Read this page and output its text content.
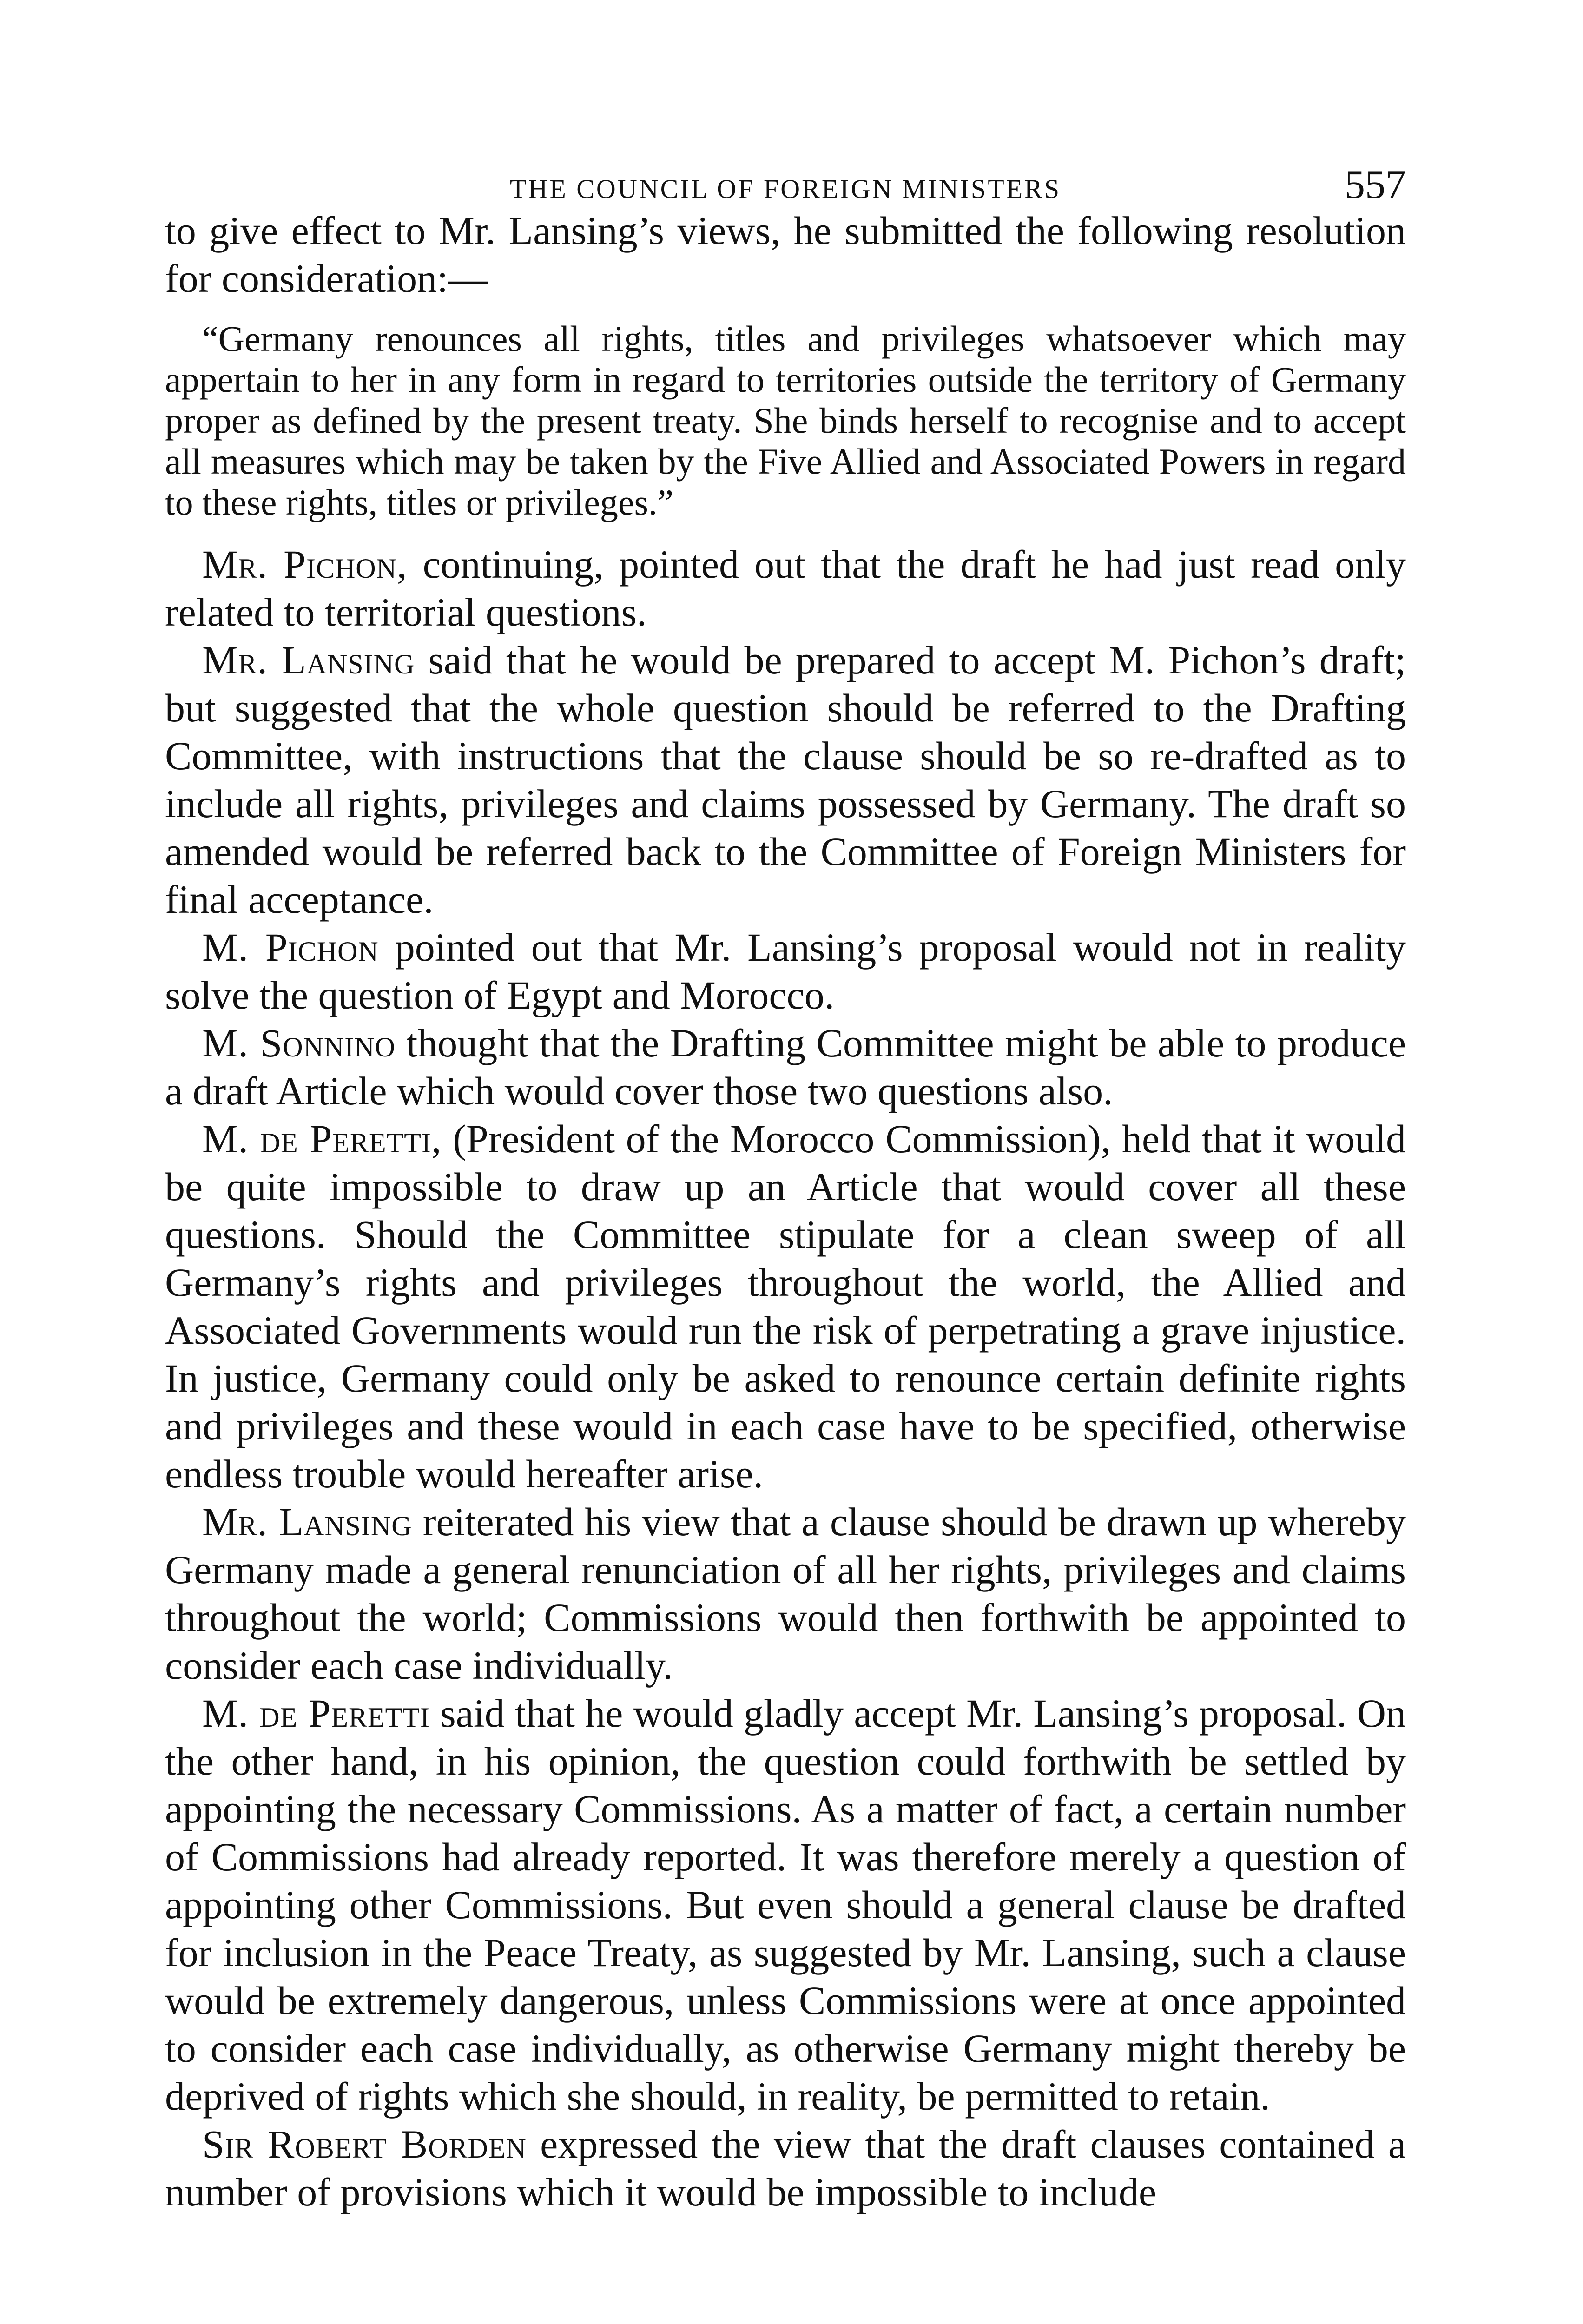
THE COUNCIL OF FOREIGN MINISTERS	557

to give effect to Mr. Lansing’s views, he submitted the following resolution for consideration:—

“Germany renounces all rights, titles and privileges whatsoever which may appertain to her in any form in regard to territories outside the territory of Germany proper as defined by the present treaty. She binds herself to recognise and to accept all measures which may be taken by the Five Allied and Associated Powers in regard to these rights, titles or privileges.”

Mr. Pichon, continuing, pointed out that the draft he had just read only related to territorial questions.

Mr. Lansing said that he would be prepared to accept M. Pichon’s draft; but suggested that the whole question should be referred to the Drafting Committee, with instructions that the clause should be so re-drafted as to include all rights, privileges and claims possessed by Germany. The draft so amended would be referred back to the Committee of Foreign Ministers for final acceptance.

M. Pichon pointed out that Mr. Lansing’s proposal would not in reality solve the question of Egypt and Morocco.

M. Sonnino thought that the Drafting Committee might be able to produce a draft Article which would cover those two questions also.

M. de Peretti, (President of the Morocco Commission), held that it would be quite impossible to draw up an Article that would cover all these questions. Should the Committee stipulate for a clean sweep of all Germany’s rights and privileges throughout the world, the Allied and Associated Governments would run the risk of perpetrating a grave injustice. In justice, Germany could only be asked to renounce certain definite rights and privileges and these would in each case have to be specified, otherwise endless trouble would hereafter arise.

Mr. Lansing reiterated his view that a clause should be drawn up whereby Germany made a general renunciation of all her rights, privileges and claims throughout the world; Commissions would then forthwith be appointed to consider each case individually.

M. de Peretti said that he would gladly accept Mr. Lansing’s proposal. On the other hand, in his opinion, the question could forthwith be settled by appointing the necessary Commissions. As a matter of fact, a certain number of Commissions had already reported. It was therefore merely a question of appointing other Commissions. But even should a general clause be drafted for inclusion in the Peace Treaty, as suggested by Mr. Lansing, such a clause would be extremely dangerous, unless Commissions were at once appointed to consider each case individually, as otherwise Germany might thereby be deprived of rights which she should, in reality, be permitted to retain.

Sir Robert Borden expressed the view that the draft clauses contained a number of provisions which it would be impossible to include
